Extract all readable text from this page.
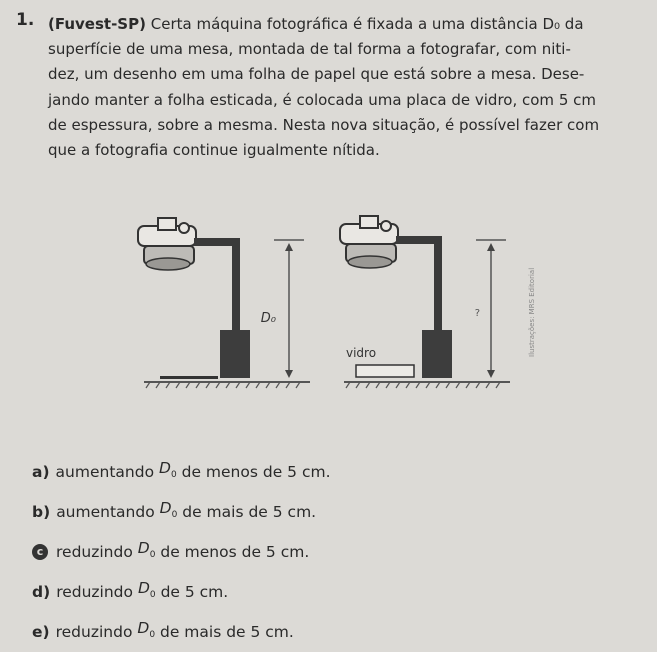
1. (Fuvest-SP) Certa máquina fotográfica é fixada a uma distância D₀ da
superfície de uma mesa, montada de tal forma a fotografar, com niti-
dez, um desenho em uma folha de papel que está sobre a mesa. Dese-
jando manter a folha esticada, é colocada uma placa de vidro, com 5 cm
de espessura, sobre a mesma. Nesta nova situação, é possível fazer com
que a fotografia continue igualmente nítida.
D₀
vidro
?	Ilustrações: MRS Editorial
a) aumentando
$D_0$
de menos de 5 cm.
b) aumentando
$D_0$
de mais de 5 cm.
c reduzindo
$D_0$
de menos de 5 cm.
d) reduzindo
$D_0$
de 5 cm.
e) reduzindo
$D_0$
de mais de 5 cm.
